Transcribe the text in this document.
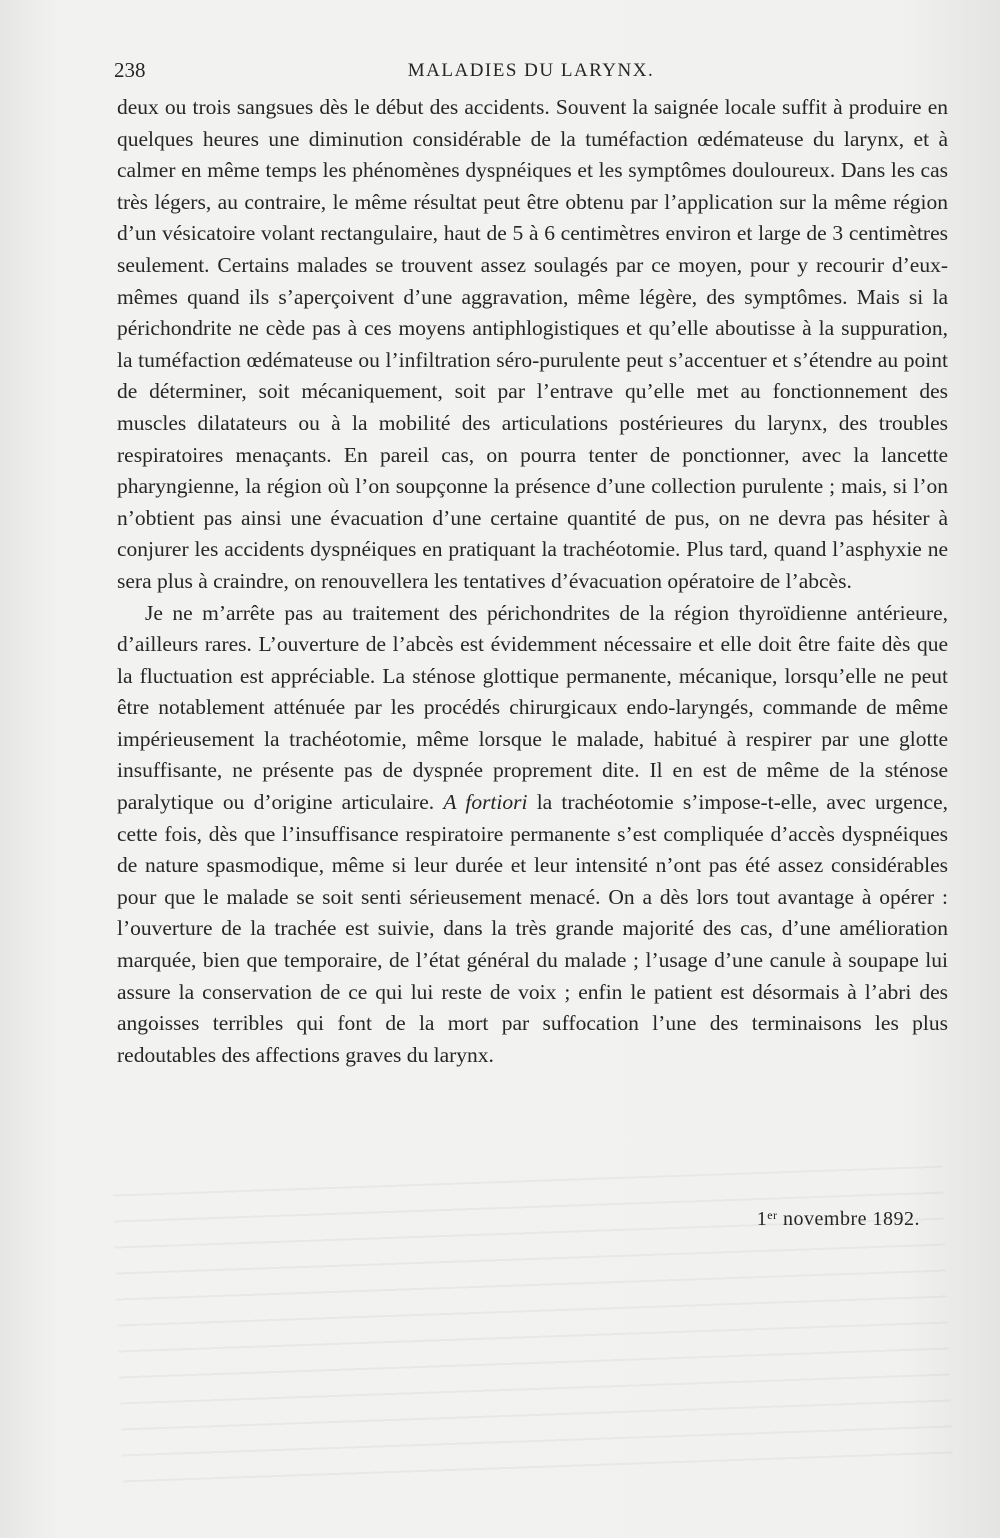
238	MALADIES DU LARYNX.

deux ou trois sangsues dès le début des accidents. Souvent la saignée locale suffit à produire en quelques heures une diminution considérable de la tuméfaction œdémateuse du larynx, et à calmer en même temps les phénomènes dyspnéiques et les symptômes douloureux. Dans les cas très légers, au contraire, le même résultat peut être obtenu par l’application sur la même région d’un vésicatoire volant rectangulaire, haut de 5 à 6 centimètres environ et large de 3 centimètres seulement. Certains malades se trouvent assez soulagés par ce moyen, pour y recourir d’eux-mêmes quand ils s’aperçoivent d’une aggravation, même légère, des symptômes. Mais si la périchondrite ne cède pas à ces moyens antiphlogistiques et qu’elle aboutisse à la suppuration, la tuméfaction œdémateuse ou l’infiltration séro-purulente peut s’accentuer et s’étendre au point de déterminer, soit mécaniquement, soit par l’entrave qu’elle met au fonctionnement des muscles dilatateurs ou à la mobilité des articulations postérieures du larynx, des troubles respiratoires menaçants. En pareil cas, on pourra tenter de ponctionner, avec la lancette pharyngienne, la région où l’on soupçonne la présence d’une collection purulente ; mais, si l’on n’obtient pas ainsi une évacuation d’une certaine quantité de pus, on ne devra pas hésiter à conjurer les accidents dyspnéiques en pratiquant la trachéotomie. Plus tard, quand l’asphyxie ne sera plus à craindre, on renouvellera les tentatives d’évacuation opératoire de l’abcès.

Je ne m’arrête pas au traitement des périchondrites de la région thyroïdienne antérieure, d’ailleurs rares. L’ouverture de l’abcès est évidemment nécessaire et elle doit être faite dès que la fluctuation est appréciable. La sténose glottique permanente, mécanique, lorsqu’elle ne peut être notablement atténuée par les procédés chirurgicaux endo-laryngés, commande de même impérieusement la trachéotomie, même lorsque le malade, habitué à respirer par une glotte insuffisante, ne présente pas de dyspnée proprement dite. Il en est de même de la sténose paralytique ou d’origine articulaire. A fortiori la trachéotomie s’impose-t-elle, avec urgence, cette fois, dès que l’insuffisance respiratoire permanente s’est compliquée d’accès dyspnéiques de nature spasmodique, même si leur durée et leur intensité n’ont pas été assez considérables pour que le malade se soit senti sérieusement menacé. On a dès lors tout avantage à opérer : l’ouverture de la trachée est suivie, dans la très grande majorité des cas, d’une amélioration marquée, bien que temporaire, de l’état général du malade ; l’usage d’une canule à soupape lui assure la conservation de ce qui lui reste de voix ; enfin le patient est désormais à l’abri des angoisses terribles qui font de la mort par suffocation l’une des terminaisons les plus redoutables des affections graves du larynx.

1er novembre 1892.
